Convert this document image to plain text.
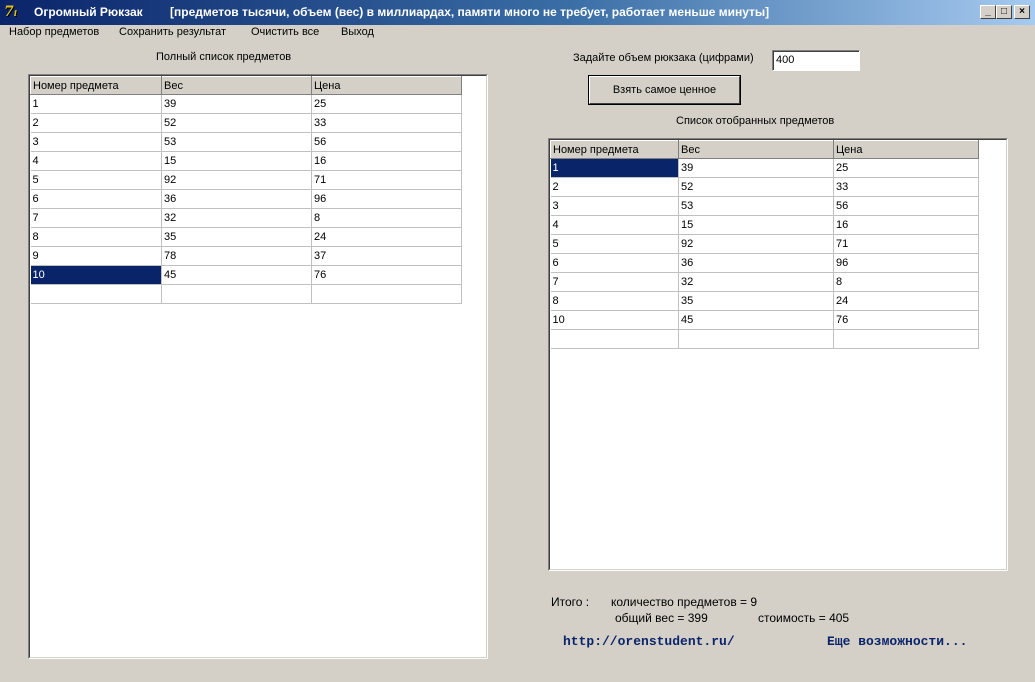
7ᵢ	Огромный Рюкзак [предметов тысячи, объем (вес) в миллиардах, памяти много не требует, работает меньше минуты]	_	□	×
Набор предметов Сохранить результат Очистить все Выход
Полный список предметов
Номер предмета	Вес	Цена
1	39	25
2	52	33
3	53	56
4	15	16
5	92	71
6	36	96
7	32	8
8	35	24
9	78	37
10	45	76

Задайте объем рюкзака (цифрами)	400
Взять самое ценное
Список отобранных предметов
Номер предмета	Вес	Цена
1	39	25
2	52	33
3	53	56
4	15	16
5	92	71
6	36	96
7	32	8
8	35	24
10	45	76

Итого : количество предметов = 9
общий вес = 399	стоимость = 405
http://orenstudent.ru/	Еще возможности...
